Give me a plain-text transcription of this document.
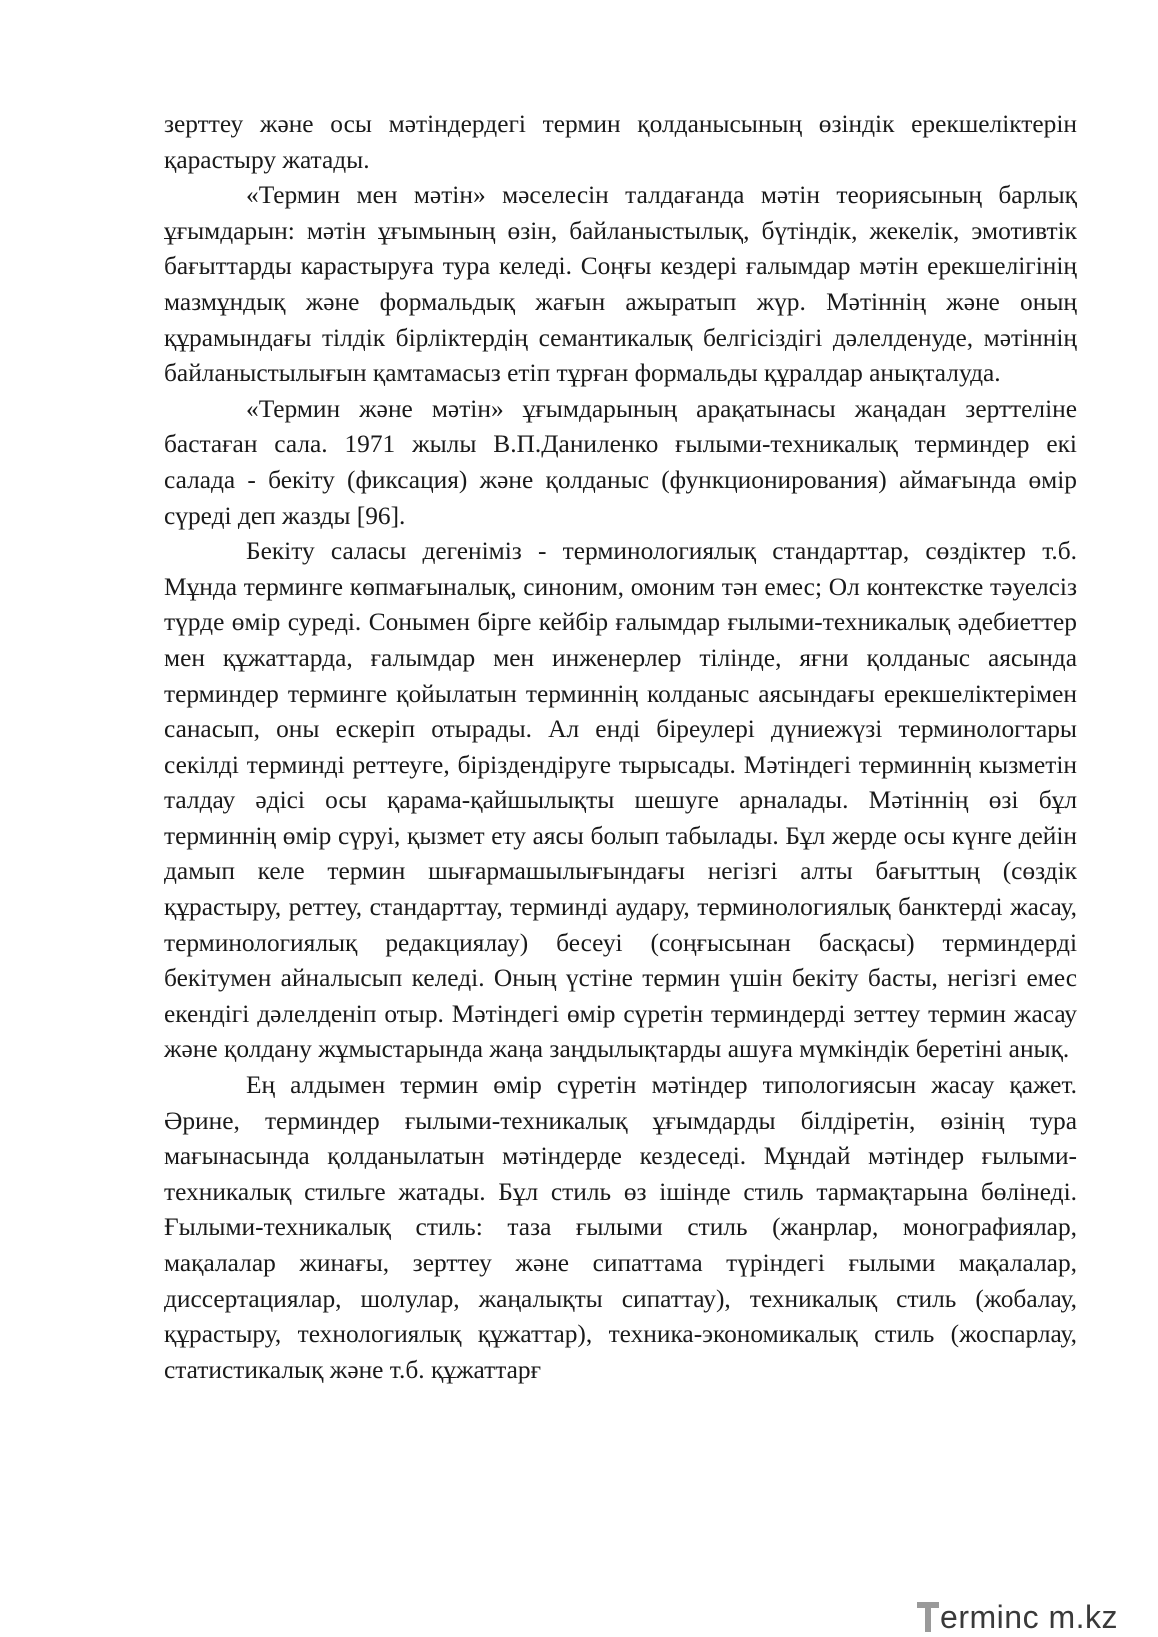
зерттеу және осы мәтіндердегі термин қолданысының өзіндік ерекшеліктерін қарастыру жатады.

«Термин мен мәтін» мәселесін талдағанда мәтін теориясының барлық ұғымдарын: мәтін ұғымының өзін, байланыстылық, бүтіндік, жекелік, эмотивтік бағыттарды карастыруға тура келеді. Соңғы кездері ғалымдар мәтін ерекшелігінің мазмұндық және формальдық жағын ажыратып жүр. Мәтіннің және оның құрамындағы тілдік бірліктердің семантикалық белгісіздігі дәлелденуде, мәтіннің байланыстылығын қамтамасыз етіп тұрған формальды құралдар анықталуда.

«Термин және мәтін» ұғымдарының арақатынасы жаңадан зерттеліне бастаған сала. 1971 жылы В.П.Даниленко ғылыми-техникалық терминдер екі салада - бекіту (фиксация) және қолданыс (функционирования) аймағында өмір сүреді деп жазды [96].

Бекіту саласы дегеніміз - терминологиялық стандарттар, сөздіктер т.б. Мұнда терминге көпмағыналық, синоним, омоним тән емес; Ол контекстке тәуелсіз түрде өмір суреді. Сонымен бірге кейбір ғалымдар ғылыми-техникалық әдебиеттер мен құжаттарда, ғалымдар мен инженерлер тілінде, яғни қолданыс аясында терминдер терминге қойылатын терминнің колданыс аясындағы ерекшеліктерімен санасып, оны ескеріп отырады. Ал енді біреулері дүниежүзі терминологтары секілді терминді реттеуге, біріздендіруге тырысады. Мәтіндегі терминнің кызметін талдау әдісі осы қарама-қайшылықты шешуге арналады. Мәтіннің өзі бұл терминнің өмір сүруі, қызмет ету аясы болып табылады. Бұл жерде осы күнге дейін дамып келе термин шығармашылығындағы негізгі алты бағыттың (сөздік құрастыру, реттеу, стандарттау, терминді аудару, терминологиялық банктерді жасау, терминологиялық редакциялау) бесеуі (соңғысынан басқасы) терминдерді бекітумен айналысып келеді. Оның үстіне термин үшін бекіту басты, негізгі емес екендігі дәлелденіп отыр. Мәтіндегі өмір сүретін терминдерді зеттеу термин жасау және қолдану жұмыстарында жаңа заңдылықтарды ашуға мүмкіндік беретіні анық.

Ең алдымен термин өмір сүретін мәтіндер типологиясын жасау қажет. Әрине, терминдер ғылыми-техникалық ұғымдарды білдіретін, өзінің тура мағынасында қолданылатын мәтіндерде кездеседі. Мұндай мәтіндер ғылыми-техникалық стильге жатады. Бұл стиль өз ішінде стиль тармақтарына бөлінеді. Ғылыми-техникалық стиль: таза ғылыми стиль (жанрлар, монографиялар, мақалалар жинағы, зерттеу және сипаттама түріндегі ғылыми мақалалар, диссертациялар, шолулар, жаңалықты сипаттау), техникалық стиль (жобалау, құрастыру, технологиялық құжаттар), техника-экономикалық стиль (жоспарлау, статистикалық және т.б. құжаттарғ

erminc m.kz
